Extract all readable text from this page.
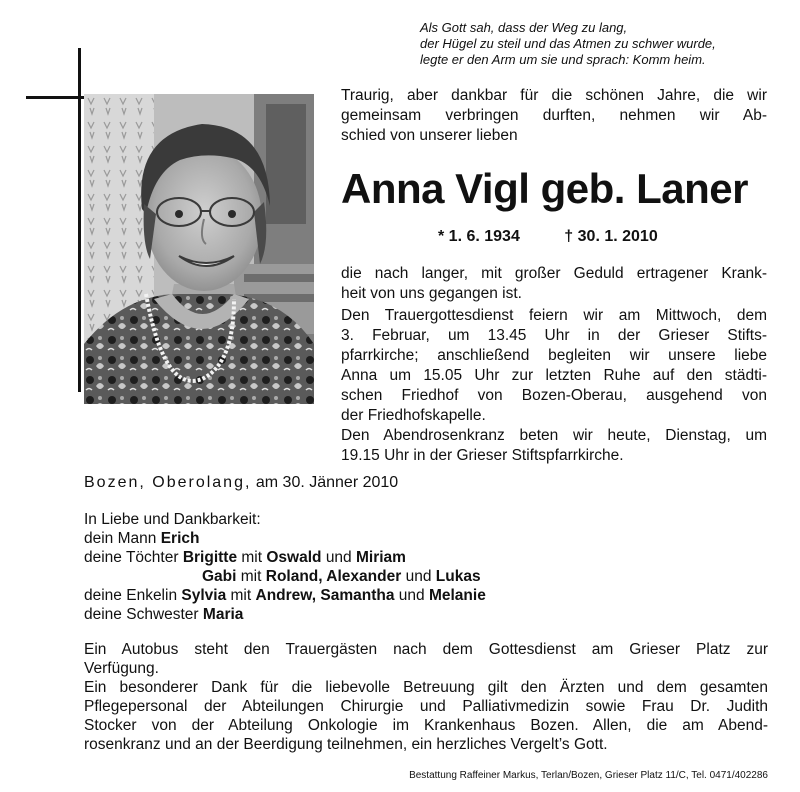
Als Gott sah, dass der Weg zu lang,
der Hügel zu steil und das Atmen zu schwer wurde,
legte er den Arm um sie und sprach: Komm heim.
Traurig, aber dankbar für die schönen Jahre, die wir
gemeinsam verbringen durften, nehmen wir Ab-
schied von unserer lieben
Anna Vigl geb. Laner
* 1. 6. 1934	† 30. 1. 2010
die nach langer, mit großer Geduld ertragener Krank-
heit von uns gegangen ist.
Den Trauergottesdienst feiern wir am Mittwoch, dem
3. Februar, um 13.45 Uhr in der Grieser Stifts-
pfarrkirche; anschließend begleiten wir unsere liebe
Anna um 15.05 Uhr zur letzten Ruhe auf den städti-
schen Friedhof von Bozen-Oberau, ausgehend von
der Friedhofskapelle.
Den Abendrosenkranz beten wir heute, Dienstag, um
19.15 Uhr in der Grieser Stiftspfarrkirche.
Bozen, Oberolang, am 30. Jänner 2010
In Liebe und Dankbarkeit:
dein Mann Erich
deine Töchter Brigitte mit Oswald und Miriam
Gabi mit Roland, Alexander und Lukas
deine Enkelin Sylvia mit Andrew, Samantha und Melanie
deine Schwester Maria
Ein Autobus steht den Trauergästen nach dem Gottesdienst am Grieser Platz zur
Verfügung.
Ein besonderer Dank für die liebevolle Betreuung gilt den Ärzten und dem gesamten
Pflegepersonal der Abteilungen Chirurgie und Palliativmedizin sowie Frau Dr. Judith
Stocker von der Abteilung Onkologie im Krankenhaus Bozen. Allen, die am Abend-
rosenkranz und an der Beerdigung teilnehmen, ein herzliches Vergelt’s Gott.
Bestattung Raffeiner Markus, Terlan/Bozen, Grieser Platz 11/C, Tel. 0471/402286
